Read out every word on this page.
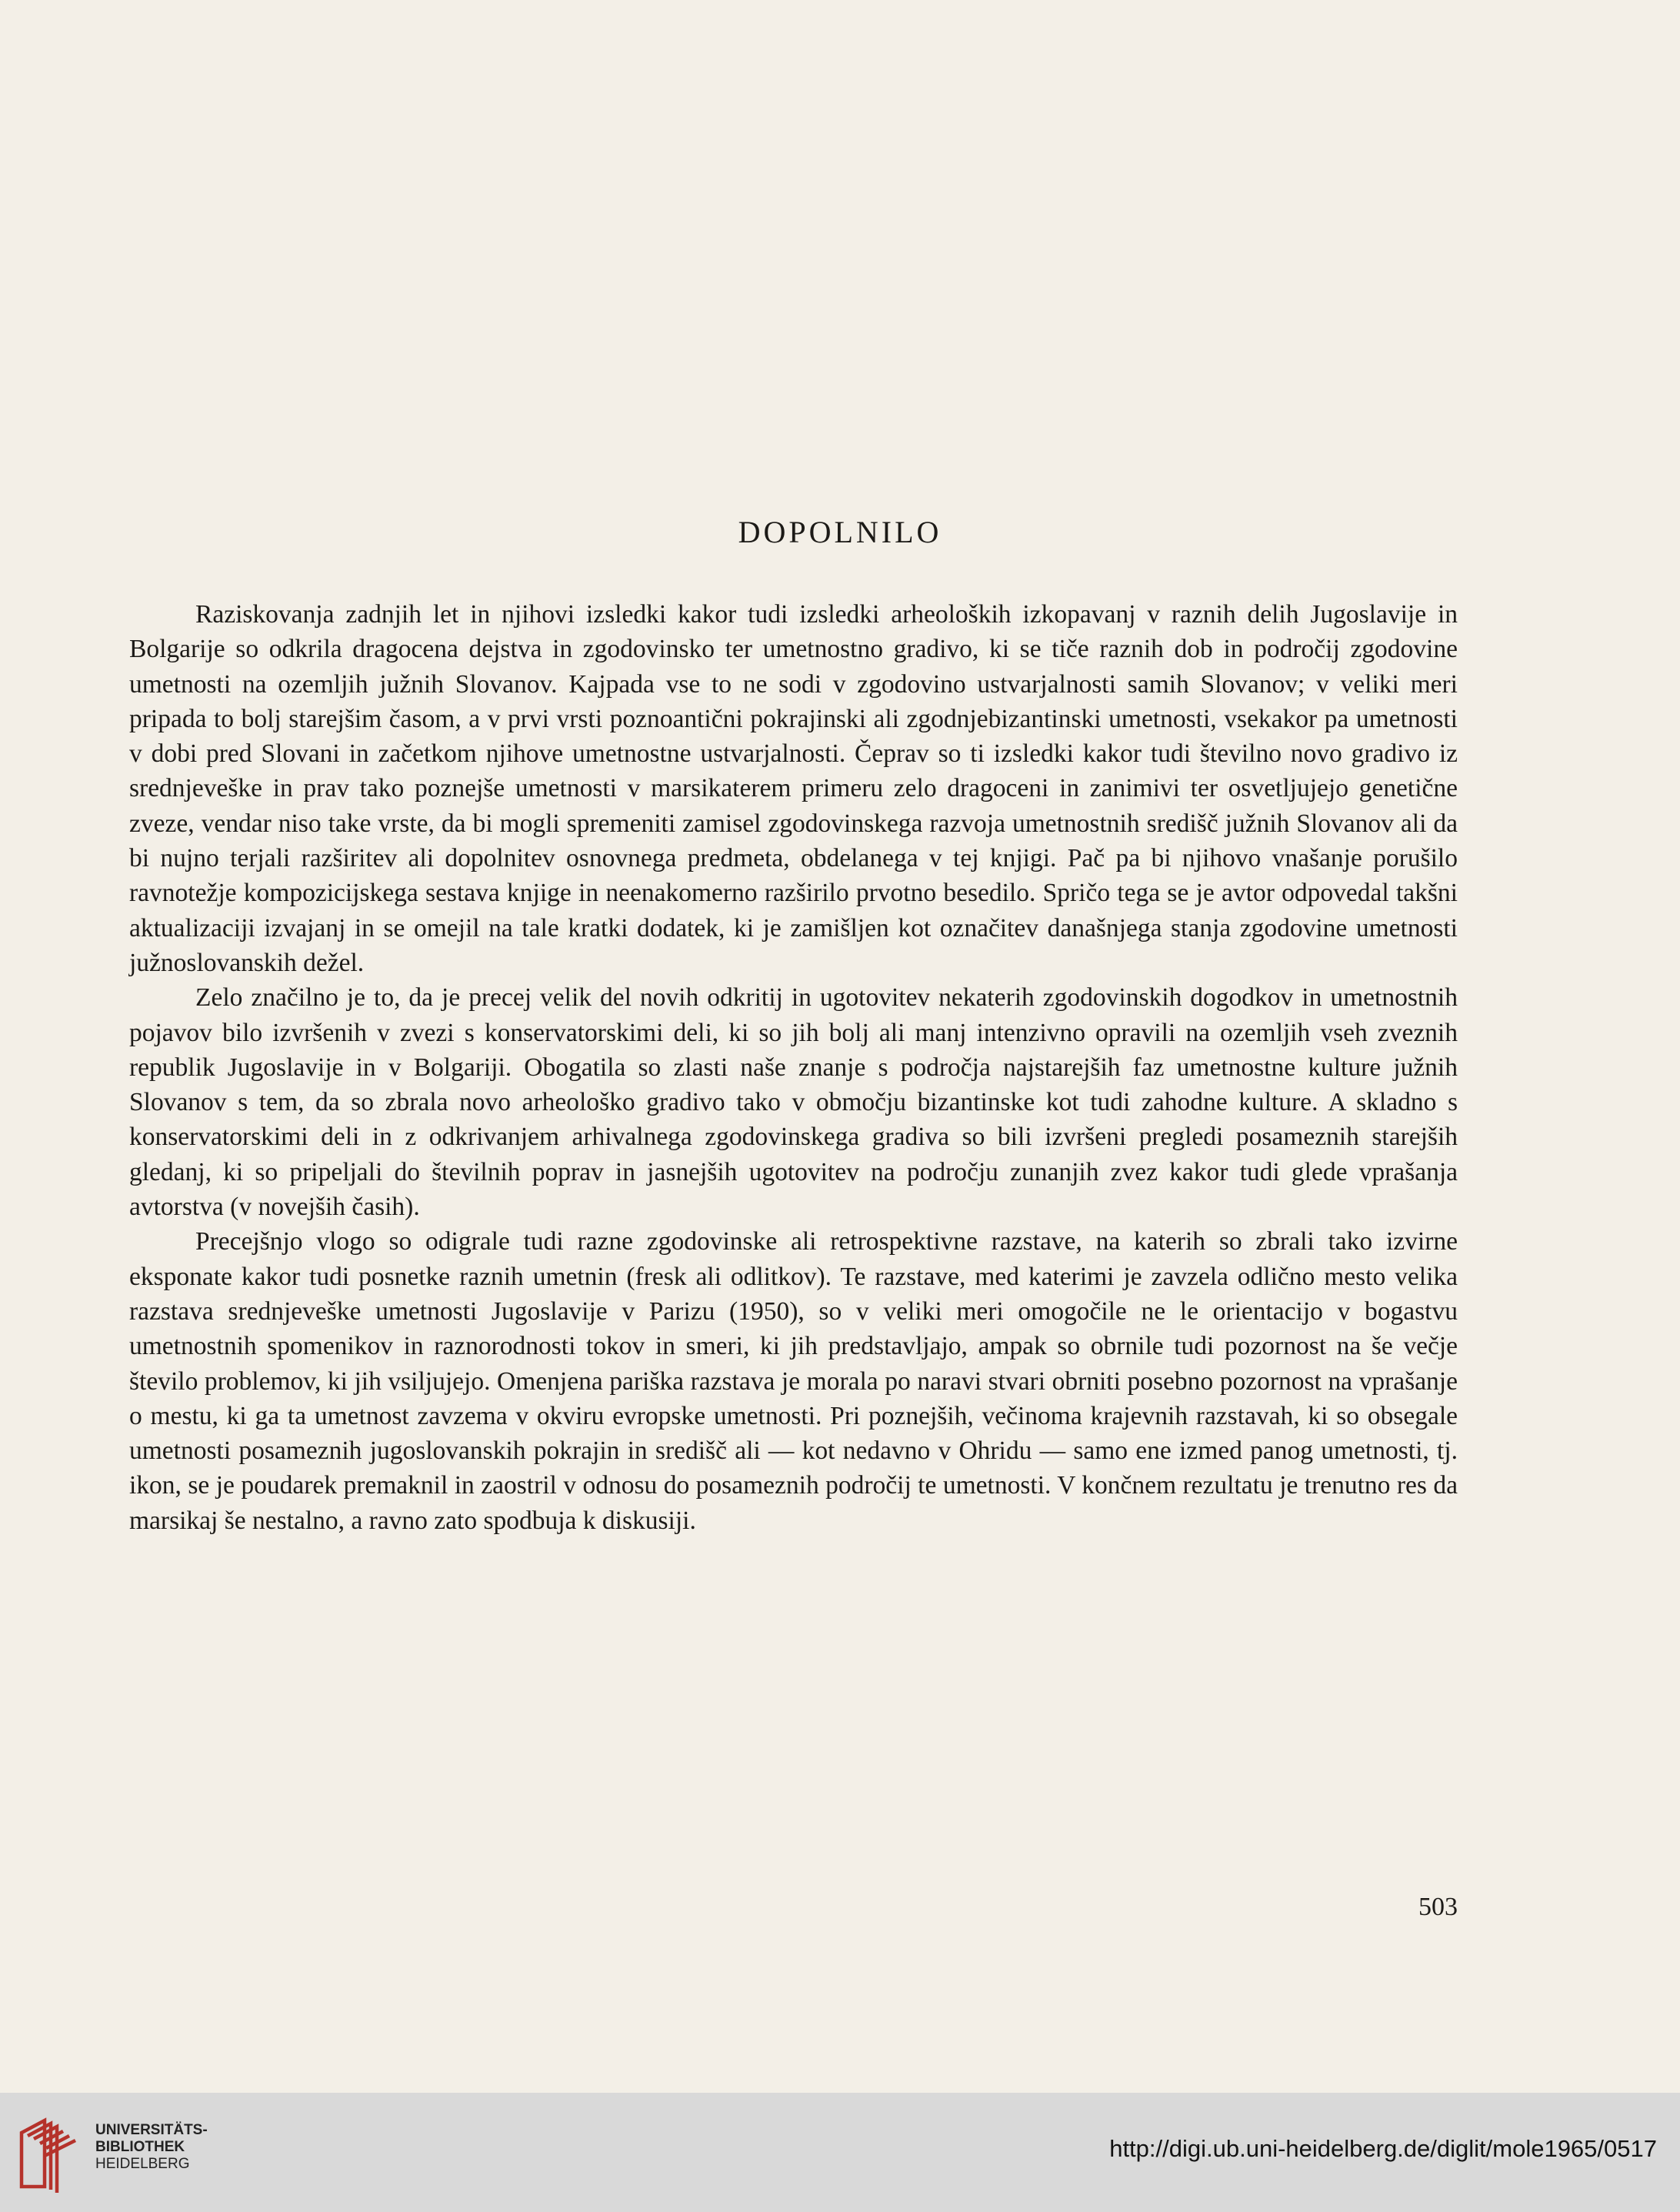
DOPOLNILO

Raziskovanja zadnjih let in njihovi izsledki kakor tudi izsledki arheoloških izkopavanj v raznih delih Jugoslavije in Bolgarije so odkrila dragocena dejstva in zgodovinsko ter umetnostno gradivo, ki se tiče raznih dob in področij zgodovine umetnosti na ozemljih južnih Slovanov. Kajpada vse to ne sodi v zgodovino ustvarjalnosti samih Slovanov; v veliki meri pripada to bolj starejšim časom, a v prvi vrsti poznoantični pokrajinski ali zgodnjebizantinski umetnosti, vsekakor pa umetnosti v dobi pred Slovani in začetkom njihove umetnostne ustvarjalnosti. Čeprav so ti izsledki kakor tudi številno novo gradivo iz srednjeveške in prav tako poznejše umetnosti v marsikaterem primeru zelo dragoceni in zanimivi ter osvetljujejo genetične zveze, vendar niso take vrste, da bi mogli spremeniti zamisel zgodovinskega razvoja umetnostnih središč južnih Slovanov ali da bi nujno terjali razširitev ali dopolnitev osnovnega predmeta, obdelanega v tej knjigi. Pač pa bi njihovo vnašanje porušilo ravnotežje kompozicijskega sestava knjige in neenakomerno razširilo prvotno besedilo. Spričo tega se je avtor odpovedal takšni aktualizaciji izvajanj in se omejil na tale kratki dodatek, ki je zamišljen kot označitev današnjega stanja zgodovine umetnosti južnoslovanskih dežel.

Zelo značilno je to, da je precej velik del novih odkritij in ugotovitev nekaterih zgodovinskih dogodkov in umetnostnih pojavov bilo izvršenih v zvezi s konservatorskimi deli, ki so jih bolj ali manj intenzivno opravili na ozemljih vseh zveznih republik Jugoslavije in v Bolgariji. Obogatila so zlasti naše znanje s področja najstarejših faz umetnostne kulture južnih Slovanov s tem, da so zbrala novo arheološko gradivo tako v območju bizantinske kot tudi zahodne kulture. A skladno s konservatorskimi deli in z odkrivanjem arhivalnega zgodovinskega gradiva so bili izvršeni pregledi posameznih starejših gledanj, ki so pripeljali do številnih poprav in jasnejših ugotovitev na področju zunanjih zvez kakor tudi glede vprašanja avtorstva (v novejših časih).

Precejšnjo vlogo so odigrale tudi razne zgodovinske ali retrospektivne razstave, na katerih so zbrali tako izvirne eksponate kakor tudi posnetke raznih umetnin (fresk ali odlitkov). Te razstave, med katerimi je zavzela odlično mesto velika razstava srednjeveške umetnosti Jugoslavije v Parizu (1950), so v veliki meri omogočile ne le orientacijo v bogastvu umetnostnih spomenikov in raznorodnosti tokov in smeri, ki jih predstavljajo, ampak so obrnile tudi pozornost na še večje število problemov, ki jih vsiljujejo. Omenjena pariška razstava je morala po naravi stvari obrniti posebno pozornost na vprašanje o mestu, ki ga ta umetnost zavzema v okviru evropske umetnosti. Pri poznejših, večinoma krajevnih razstavah, ki so obsegale umetnosti posameznih jugoslovanskih pokrajin in središč ali — kot nedavno v Ohridu — samo ene izmed panog umetnosti, tj. ikon, se je poudarek premaknil in zaostril v odnosu do posameznih področij te umetnosti. V končnem rezultatu je trenutno res da marsikaj še nestalno, a ravno zato spodbuja k diskusiji.

503

UNIVERSITÄTS-
BIBLIOTHEK
HEIDELBERG
http://digi.ub.uni-heidelberg.de/diglit/mole1965/0517
